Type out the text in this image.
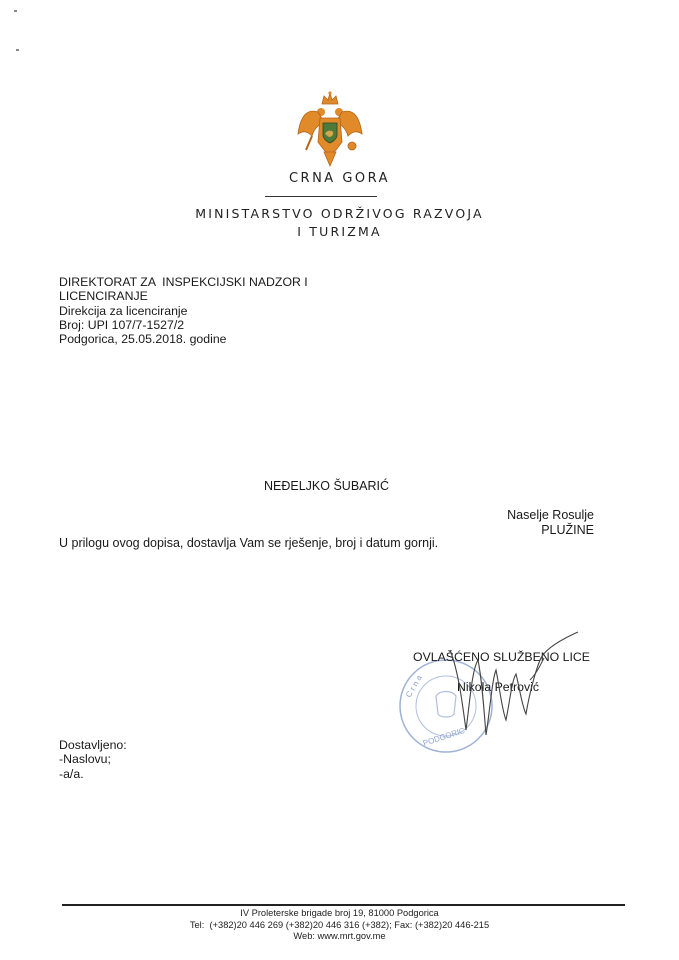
CRNA GORA
MINISTARSTVO ODRŽIVOG RAZVOJA
I TURIZMA
DIREKTORAT ZA  INSPEKCIJSKI NADZOR I
LICENCIRANJE
Direkcija za licenciranje
Broj: UPI 107/7-1527/2
Podgorica, 25.05.2018. godine
NEĐELJKO ŠUBARIĆ
Naselje Rosulje
PLUŽINE
U prilogu ovog dopisa, dostavlja Vam se rješenje, broj i datum gornji.
C r n a
PODGORIC
OVLAŠĆENO SLUŽBENO LICE
Nikola Petrović
Dostavljeno:
-Naslovu;
-a/a.
IV Proleterske brigade broj 19, 81000 Podgorica
Tel:  (+382)20 446 269 (+382)20 446 316 (+382); Fax: (+382)20 446-215
Web: www.mrt.gov.me
